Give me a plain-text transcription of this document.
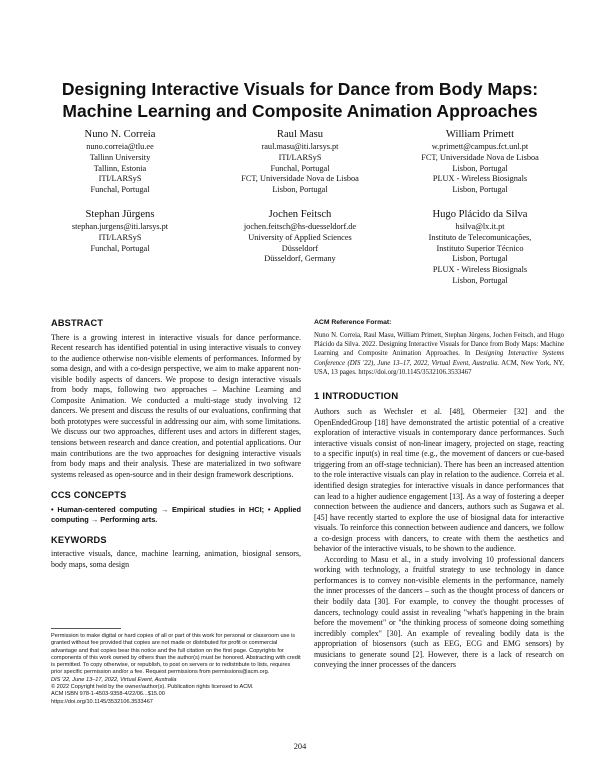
Designing Interactive Visuals for Dance from Body Maps:
Machine Learning and Composite Animation Approaches
Nuno N. Correia
nuno.correia@tlu.ee
Tallinn University
Tallinn, Estonia
ITI/LARSyS
Funchal, Portugal
Raul Masu
raul.masu@iti.larsys.pt
ITI/LARSyS
Funchal, Portugal
FCT, Universidade Nova de Lisboa
Lisbon, Portugal
William Primett
w.primett@campus.fct.unl.pt
FCT, Universidade Nova de Lisboa
Lisbon, Portugal
PLUX - Wireless Biosignals
Lisbon, Portugal
Stephan Jürgens
stephan.jurgens@iti.larsys.pt
ITI/LARSyS
Funchal, Portugal
Jochen Feitsch
jochen.feitsch@hs-duesseldorf.de
University of Applied Sciences
Düsseldorf
Düsseldorf, Germany
Hugo Plácido da Silva
hsilva@lx.it.pt
Instituto de Telecomunicações,
Instituto Superior Técnico
Lisbon, Portugal
PLUX - Wireless Biosignals
Lisbon, Portugal
ABSTRACT

There is a growing interest in interactive visuals for dance performance. Recent research has identified potential in using interactive visuals to convey to the audience otherwise non-visible elements of performances. Informed by soma design, and with a co-design perspective, we aim to make apparent non-visible bodily aspects of dancers. We propose to design interactive visuals from body maps, following two approaches – Machine Learning and Composite Animation. We conducted a multi-stage study involving 12 dancers. We present and discuss the results of our evaluations, confirming that both prototypes were successful in addressing our aim, with some limitations. We discuss our two approaches, different uses and actors in different stages, tensions between research and dance creation, and potential applications. Our main contributions are the two approaches for designing interactive visuals from body maps and their analysis. These are materialized in two software systems released as open-source and in their design framework descriptions.

CCS CONCEPTS

• Human-centered computing → Empirical studies in HCI; • Applied computing → Performing arts.

KEYWORDS

interactive visuals, dance, machine learning, animation, biosignal sensors, body maps, soma design

Permission to make digital or hard copies of all or part of this work for personal or classroom use is granted without fee provided that copies are not made or distributed for profit or commercial advantage and that copies bear this notice and the full citation on the first page. Copyrights for components of this work owned by others than the author(s) must be honored. Abstracting with credit is permitted. To copy otherwise, or republish, to post on servers or to redistribute to lists, requires prior specific permission and/or a fee. Request permissions from permissions@acm.org.

DIS '22, June 13–17, 2022, Virtual Event, Australia

© 2022 Copyright held by the owner/author(s). Publication rights licensed to ACM.

ACM ISBN 978-1-4503-9358-4/22/06...$15.00

https://doi.org/10.1145/3532106.3533467

ACM Reference Format:

Nuno N. Correia, Raul Masu, William Primett, Stephan Jürgens, Jochen Feitsch, and Hugo Plácido da Silva. 2022. Designing Interactive Visuals for Dance from Body Maps: Machine Learning and Composite Animation Approaches. In Designing Interactive Systems Conference (DIS '22), June 13–17, 2022, Virtual Event, Australia. ACM, New York, NY, USA, 13 pages. https://doi.org/10.1145/3532106.3533467

1 INTRODUCTION

Authors such as Wechsler et al. [48], Obermeier [32] and the OpenEndedGroup [18] have demonstrated the artistic potential of a creative exploration of interactive visuals in contemporary dance performances. Such interactive visuals consist of non-linear imagery, projected on stage, reacting to a specific input(s) in real time (e.g., the movement of dancers or cue-based triggering from an off-stage technician). There has been an increased attention to the role interactive visuals can play in relation to the audience. Correia et al. identified design strategies for interactive visuals in dance performances that can lead to a higher audience engagement [13]. As a way of fostering a deeper connection between the audience and dancers, authors such as Sugawa et al. [45] have recently started to explore the use of biosignal data for interactive visuals. To reinforce this connection between audience and dancers, we follow a co-design process with dancers, to create with them the aesthetics and behavior of the interactive visuals, to be shown to the audience.

According to Masu et al., in a study involving 10 professional dancers working with technology, a fruitful strategy to use technology in dance performances is to convey non-visible elements in the performance, namely the inner processes of the dancers – such as the thought process of dancers or their bodily data [30]. For example, to convey the thought processes of dancers, technology could assist in revealing "what's happening in the brain before the movement" or "the thinking process of someone doing something incredibly complex" [30]. An example of revealing bodily data is the appropriation of biosensors (such as EEG, ECG and EMG sensors) by musicians to generate sound [2]. However, there is a lack of research on conveying the inner processes of the dancers

204
